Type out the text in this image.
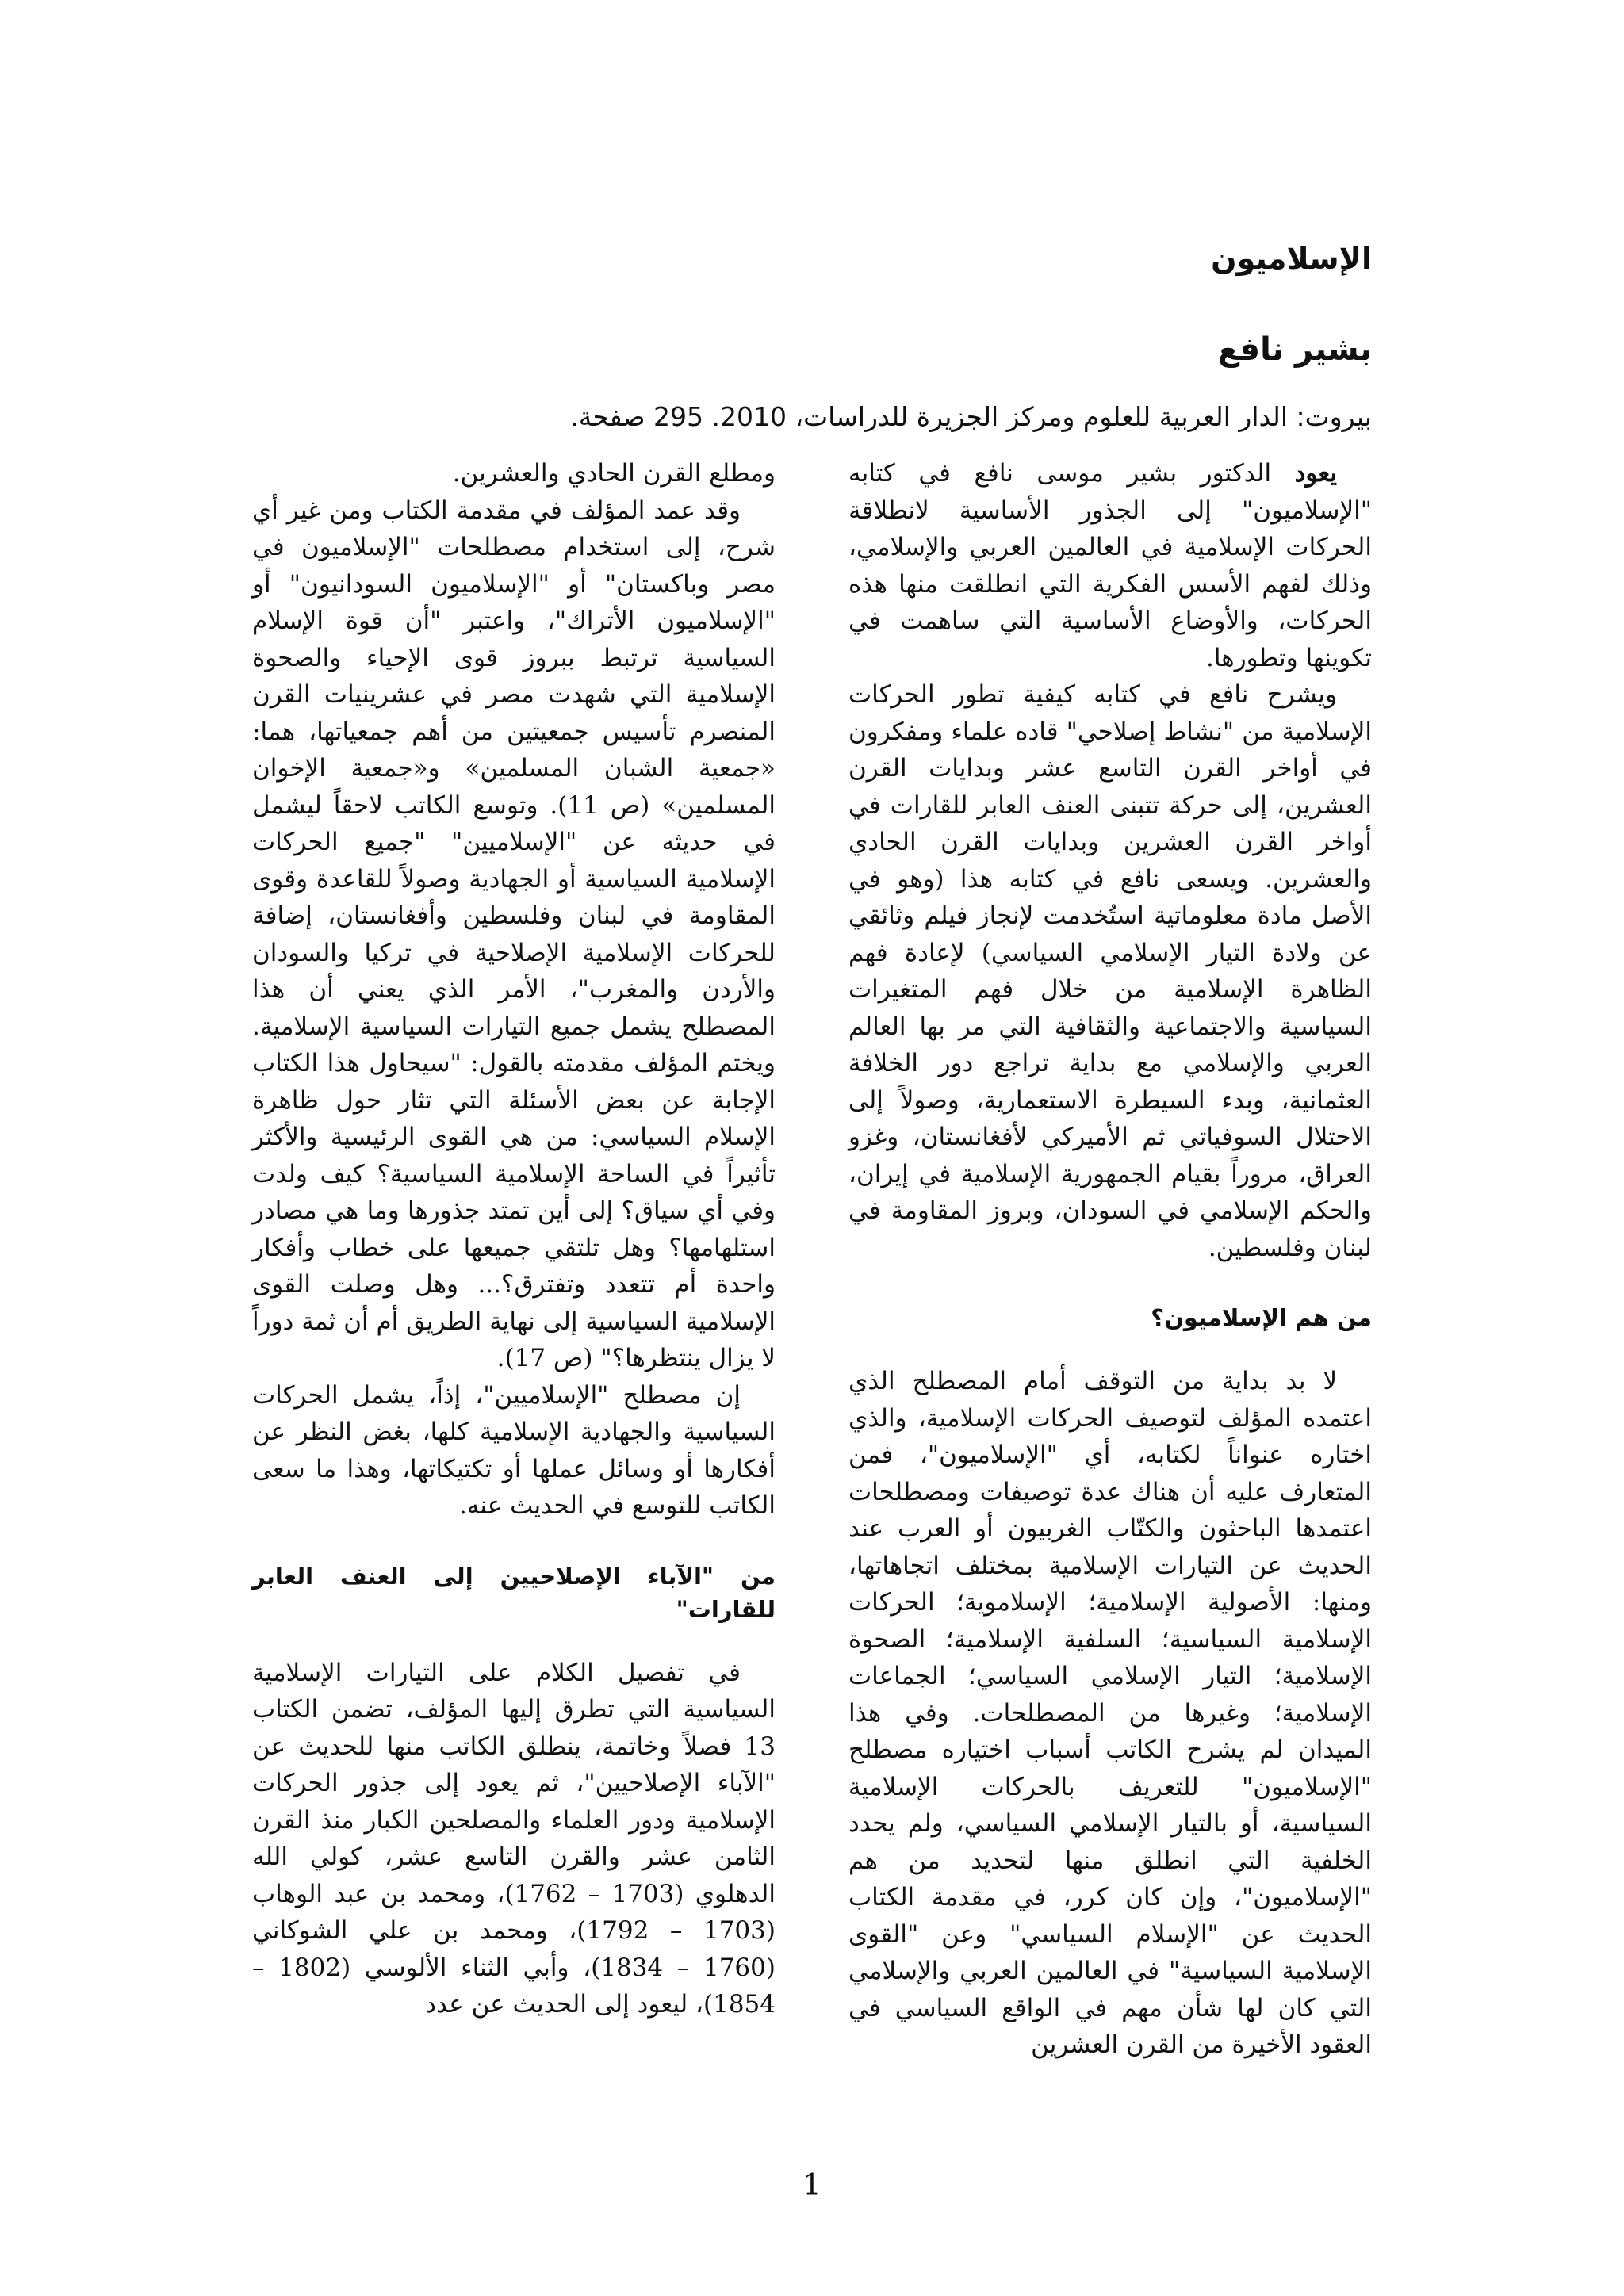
الإسلاميون
بشير نافع
بيروت: الدار العربية للعلوم ومركز الجزيرة للدراسات، 2010. 295 صفحة.

يعود الدكتور بشير موسى نافع في كتابه "الإسلاميون" إلى الجذور الأساسية لانطلاقة الحركات الإسلامية في العالمين العربي والإسلامي، وذلك لفهم الأسس الفكرية التي انطلقت منها هذه الحركات، والأوضاع الأساسية التي ساهمت في تكوينها وتطورها.

ويشرح نافع في كتابه كيفية تطور الحركات الإسلامية من "نشاط إصلاحي" قاده علماء ومفكرون في أواخر القرن التاسع عشر وبدايات القرن العشرين، إلى حركة تتبنى العنف العابر للقارات في أواخر القرن العشرين وبدايات القرن الحادي والعشرين. ويسعى نافع في كتابه هذا (وهو في الأصل مادة معلوماتية استُخدمت لإنجاز فيلم وثائقي عن ولادة التيار الإسلامي السياسي) لإعادة فهم الظاهرة الإسلامية من خلال فهم المتغيرات السياسية والاجتماعية والثقافية التي مر بها العالم العربي والإسلامي مع بداية تراجع دور الخلافة العثمانية، وبدء السيطرة الاستعمارية، وصولاً إلى الاحتلال السوفياتي ثم الأميركي لأفغانستان، وغزو العراق، مروراً بقيام الجمهورية الإسلامية في إيران، والحكم الإسلامي في السودان، وبروز المقاومة في لبنان وفلسطين.

من هم الإسلاميون؟

لا بد بداية من التوقف أمام المصطلح الذي اعتمده المؤلف لتوصيف الحركات الإسلامية، والذي اختاره عنواناً لكتابه، أي "الإسلاميون"، فمن المتعارف عليه أن هناك عدة توصيفات ومصطلحات اعتمدها الباحثون والكتّاب الغربيون أو العرب عند الحديث عن التيارات الإسلامية بمختلف اتجاهاتها، ومنها: الأصولية الإسلامية؛ الإسلاموية؛ الحركات الإسلامية السياسية؛ السلفية الإسلامية؛ الصحوة الإسلامية؛ التيار الإسلامي السياسي؛ الجماعات الإسلامية؛ وغيرها من المصطلحات. وفي هذا الميدان لم يشرح الكاتب أسباب اختياره مصطلح "الإسلاميون" للتعريف بالحركات الإسلامية السياسية، أو بالتيار الإسلامي السياسي، ولم يحدد الخلفية التي انطلق منها لتحديد من هم "الإسلاميون"، وإن كان كرر، في مقدمة الكتاب الحديث عن "الإسلام السياسي" وعن "القوى الإسلامية السياسية" في العالمين العربي والإسلامي التي كان لها شأن مهم في الواقع السياسي في العقود الأخيرة من القرن العشرين

ومطلع القرن الحادي والعشرين.

وقد عمد المؤلف في مقدمة الكتاب ومن غير أي شرح، إلى استخدام مصطلحات "الإسلاميون في مصر وباكستان" أو "الإسلاميون السودانيون" أو "الإسلاميون الأتراك"، واعتبر "أن قوة الإسلام السياسية ترتبط ببروز قوى الإحياء والصحوة الإسلامية التي شهدت مصر في عشرينيات القرن المنصرم تأسيس جمعيتين من أهم جمعياتها، هما: «جمعية الشبان المسلمين» و«جمعية الإخوان المسلمين» (ص 11). وتوسع الكاتب لاحقاً ليشمل في حديثه عن "الإسلاميين" "جميع الحركات الإسلامية السياسية أو الجهادية وصولاً للقاعدة وقوى المقاومة في لبنان وفلسطين وأفغانستان، إضافة للحركات الإسلامية الإصلاحية في تركيا والسودان والأردن والمغرب"، الأمر الذي يعني أن هذا المصطلح يشمل جميع التيارات السياسية الإسلامية. ويختم المؤلف مقدمته بالقول: "سيحاول هذا الكتاب الإجابة عن بعض الأسئلة التي تثار حول ظاهرة الإسلام السياسي: من هي القوى الرئيسية والأكثر تأثيراً في الساحة الإسلامية السياسية؟ كيف ولدت وفي أي سياق؟ إلى أين تمتد جذورها وما هي مصادر استلهامها؟ وهل تلتقي جميعها على خطاب وأفكار واحدة أم تتعدد وتفترق؟... وهل وصلت القوى الإسلامية السياسية إلى نهاية الطريق أم أن ثمة دوراً لا يزال ينتظرها؟" (ص 17).

إن مصطلح "الإسلاميين"، إذاً، يشمل الحركات السياسية والجهادية الإسلامية كلها، بغض النظر عن أفكارها أو وسائل عملها أو تكتيكاتها، وهذا ما سعى الكاتب للتوسع في الحديث عنه.

من "الآباء الإصلاحيين إلى العنف العابر للقارات"

في تفصيل الكلام على التيارات الإسلامية السياسية التي تطرق إليها المؤلف، تضمن الكتاب 13 فصلاً وخاتمة، ينطلق الكاتب منها للحديث عن "الآباء الإصلاحيين"، ثم يعود إلى جذور الحركات الإسلامية ودور العلماء والمصلحين الكبار منذ القرن الثامن عشر والقرن التاسع عشر، كولي الله الدهلوي (1703 – 1762)، ومحمد بن عبد الوهاب (1703 – 1792)، ومحمد بن علي الشوكاني (1760 – 1834)، وأبي الثناء الألوسي (1802 – 1854)، ليعود إلى الحديث عن عدد

1
